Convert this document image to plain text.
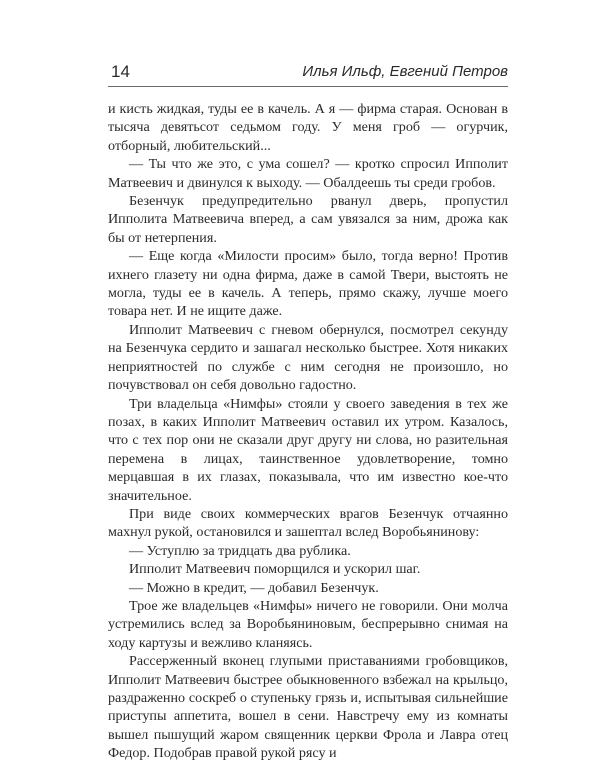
14	Илья Ильф, Евгений Петров

и кисть жидкая, туды ее в качель. А я — фирма старая. Основан в тысяча девятьсот седьмом году. У меня гроб — огурчик, отборный, любительский...

— Ты что же это, с ума сошел? — кротко спросил Ипполит Матвеевич и двинулся к выходу. — Обалдеешь ты среди гробов.

Безенчук предупредительно рванул дверь, пропустил Ипполита Матвеевича вперед, а сам увязался за ним, дрожа как бы от нетерпения.

— Еще когда «Милости просим» было, тогда верно! Против ихнего глазету ни одна фирма, даже в самой Твери, выстоять не могла, туды ее в качель. А теперь, прямо скажу, лучше моего товара нет. И не ищите даже.

Ипполит Матвеевич с гневом обернулся, посмотрел секунду на Безенчука сердито и зашагал несколько быстрее. Хотя никаких неприятностей по службе с ним сегодня не произошло, но почувствовал он себя довольно гадостно.

Три владельца «Нимфы» стояли у своего заведения в тех же позах, в каких Ипполит Матвеевич оставил их утром. Казалось, что с тех пор они не сказали друг другу ни слова, но разительная перемена в лицах, таинственное удовлетворение, томно мерцавшая в их глазах, показывала, что им известно кое-что значительное.

При виде своих коммерческих врагов Безенчук отчаянно махнул рукой, остановился и зашептал вслед Воробьянинову:

— Уступлю за тридцать два рублика.

Ипполит Матвеевич поморщился и ускорил шаг.

— Можно в кредит, — добавил Безенчук.

Трое же владельцев «Нимфы» ничего не говорили. Они молча устремились вслед за Воробьяниновым, беспрерывно снимая на ходу картузы и вежливо кланяясь.

Рассерженный вконец глупыми приставаниями гробовщиков, Ипполит Матвеевич быстрее обыкновенного взбежал на крыльцо, раздраженно соскреб о ступеньку грязь и, испытывая сильнейшие приступы аппетита, вошел в сени. Навстречу ему из комнаты вышел пышущий жаром священник церкви Фрола и Лавра отец Федор. Подобрав правой рукой рясу и
